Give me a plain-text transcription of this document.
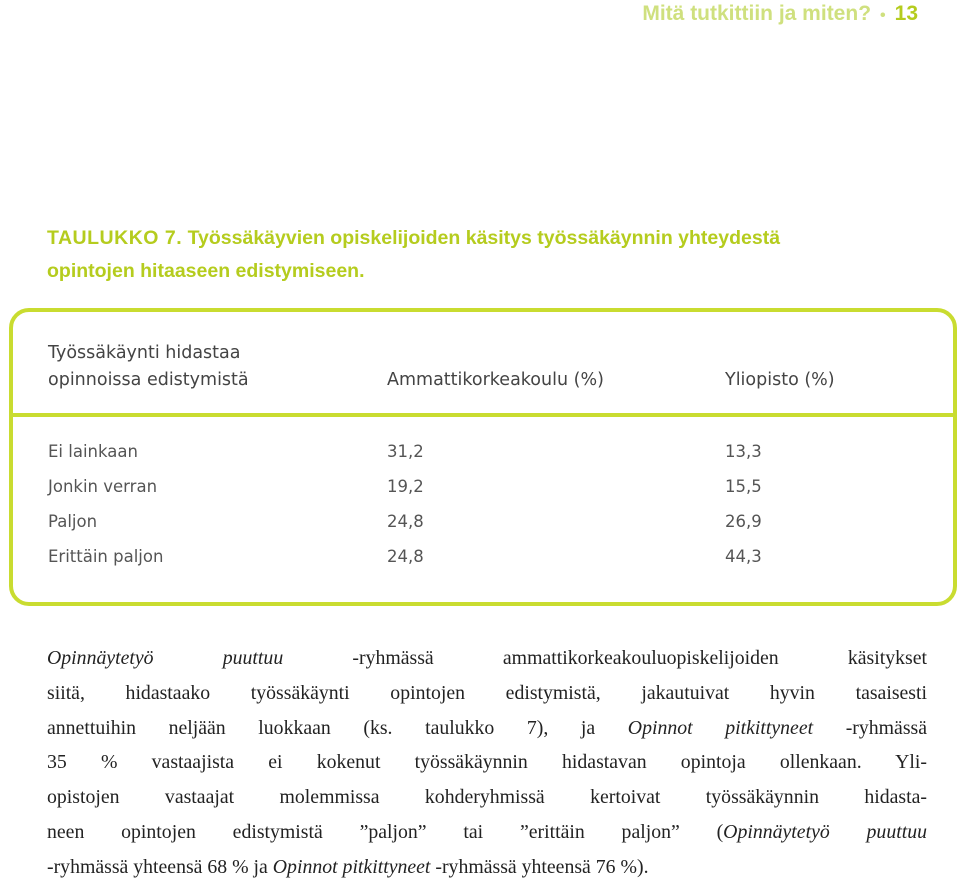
Mitä tutkittiin ja miten? • 13
TAULUKKO 7. Työssäkäyvien opiskelijoiden käsitys työssäkäynnin yhteydestä
opintojen hitaaseen edistymiseen.
Työssäkäynti hidastaa
opinnoissa edistymistä	Ammattikorkeakoulu (%)	Yliopisto (%)
Ei lainkaan	31,2	13,3
Jonkin verran	19,2	15,5
Paljon	24,8	26,9
Erittäin paljon	24,8	44,3
Opinnäytetyö puuttuu -ryhmässä ammattikorkeakouluopiskelijoiden käsitykset
siitä, hidastaako työssäkäynti opintojen edistymistä, jakautuivat hyvin tasaisesti
annettuihin neljään luokkaan (ks. taulukko 7), ja Opinnot pitkittyneet -ryhmässä
35 % vastaajista ei kokenut työssäkäynnin hidastavan opintoja ollenkaan. Yli-
opistojen vastaajat molemmissa kohderyhmissä kertoivat työssäkäynnin hidasta-
neen opintojen edistymistä ”paljon” tai ”erittäin paljon” (Opinnäytetyö puuttuu
-ryhmässä yhteensä 68 % ja Opinnot pitkittyneet -ryhmässä yhteensä 76 %).
